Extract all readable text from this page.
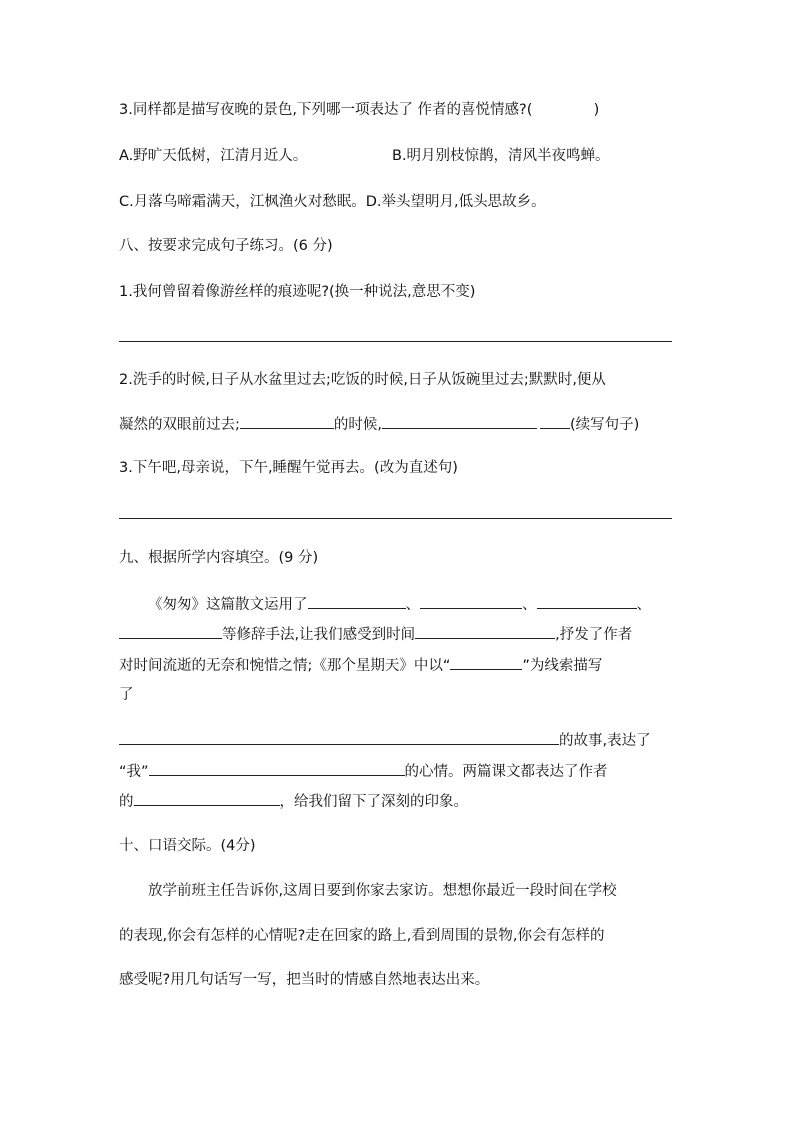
3.同样都是描写夜晚的景色,下列哪一项表达了 作者的喜悦情感?(	)
A.野旷天低树，江清月近人。	B.明月别枝惊鹊，清风半夜鸣蝉。
C.月落乌啼霜满天，江枫渔火对愁眠。D.举头望明月,低头思故乡。
八、按要求完成句子练习。(6 分)
1.我何曾留着像游丝样的痕迹呢?(换一种说法,意思不变)
2.洗手的时候,日子从水盆里过去;吃饭的时候,日子从饭碗里过去;默默时,便从
凝然的双眼前过去;	的时候,	(续写句子)
3.下午吧,母亲说，下午,睡醒午觉再去。(改为直述句)
九、根据所学内容填空。(9 分)
《匆匆》这篇散文运用了	、	、	、
等修辞手法,让我们感受到时间	,抒发了作者
对时间流逝的无奈和惋惜之情;《那个星期天》中以“	”为线索描写
了
的故事,表达了
“我”	的心情。两篇课文都表达了作者
的	，给我们留下了深刻的印象。
十、口语交际。(4分)
放学前班主任告诉你,这周日要到你家去家访。想想你最近一段时间在学校
的表现,你会有怎样的心情呢?走在回家的路上,看到周围的景物,你会有怎样的
感受呢?用几句话写一写，把当时的情感自然地表达出来。
